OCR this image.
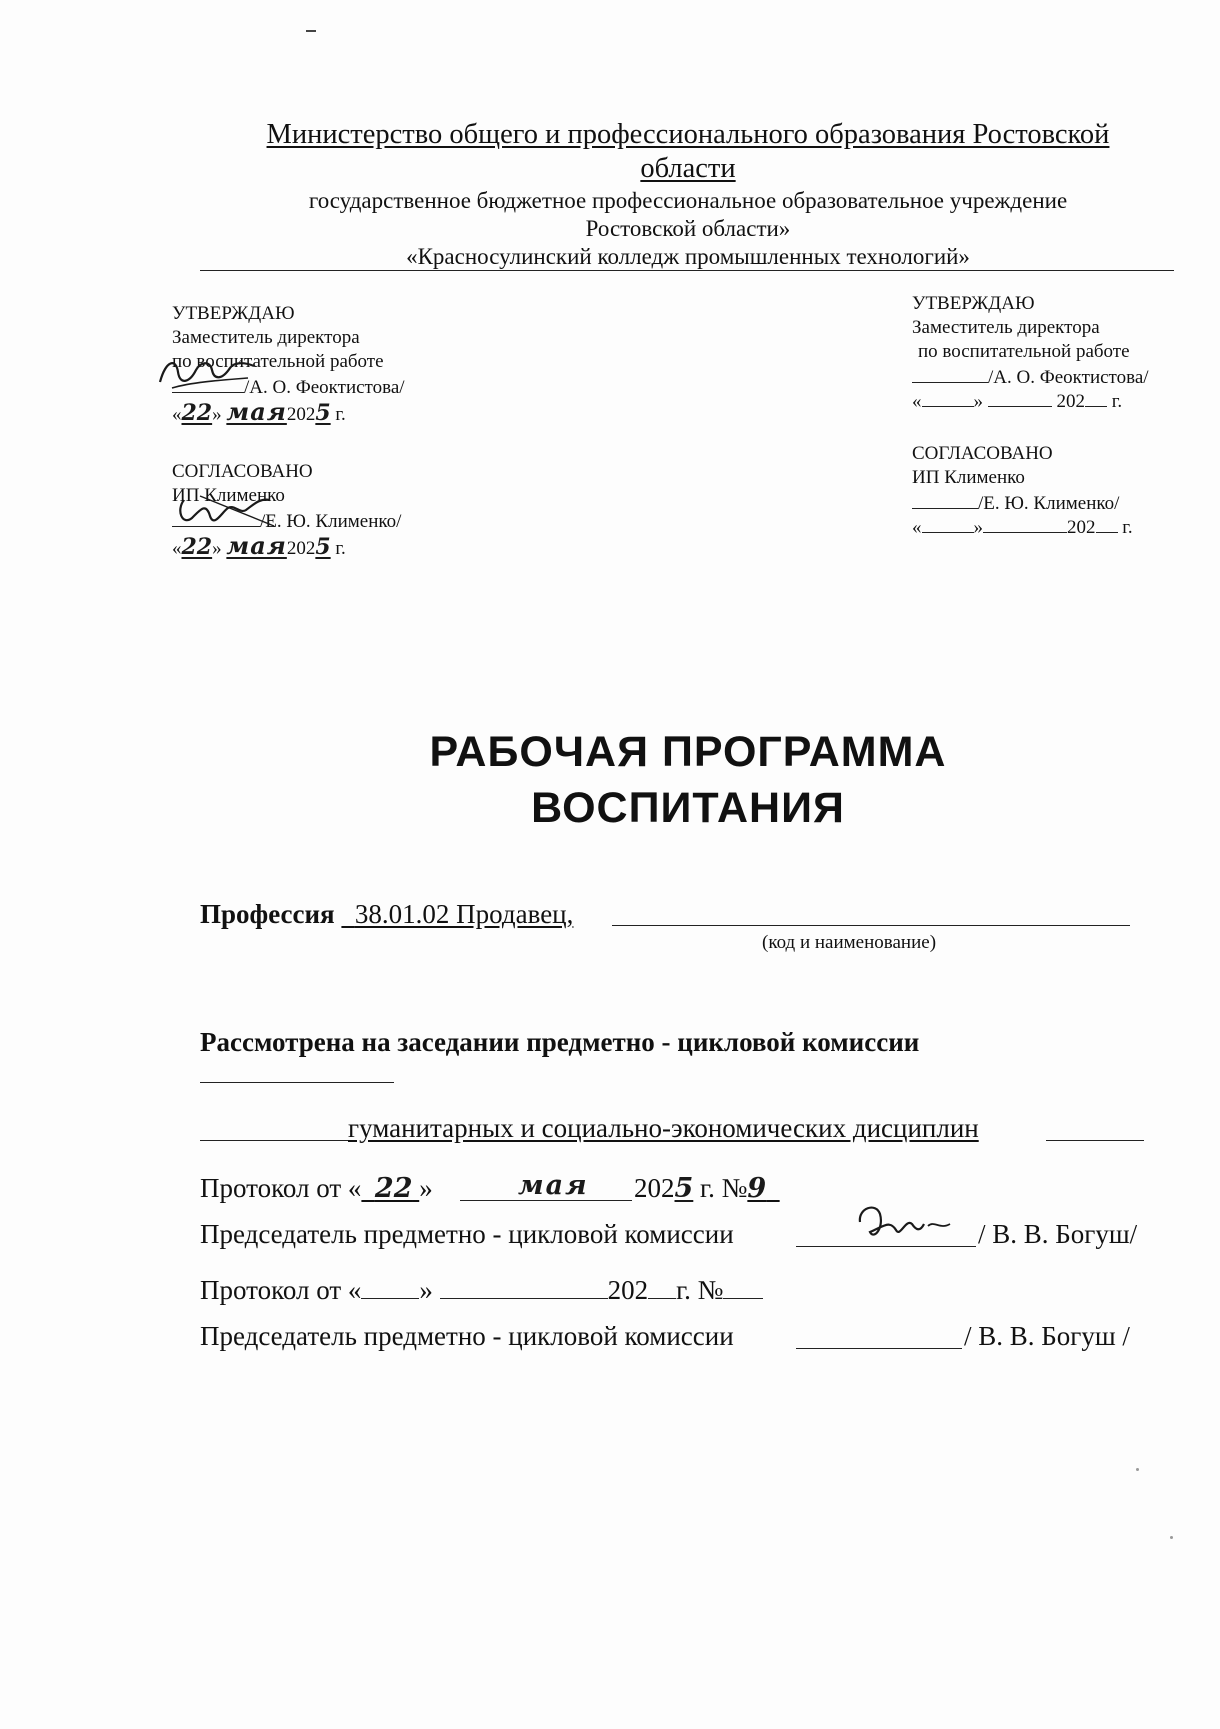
Министерство общего и профессионального образования Ростовской
области
государственное бюджетное профессиональное образовательное учреждение
Ростовской области»
«Красносулинский колледж промышленных технологий»
УТВЕРЖДАЮ
Заместитель директора
по воспитательной работе
/А. О. Феоктистова/
«22» мая2025 г.
СОГЛАСОВАНО
ИП Клименко
/Е. Ю. Клименко/
«22» мая2025 г.
УТВЕРЖДАЮ
Заместитель директора
по воспитательной работе
/А. О. Феоктистова/
«	»	202 г.
СОГЛАСОВАНО
ИП Клименко
/Е. Ю. Клименко/
«	»	202 г.
РАБОЧАЯ ПРОГРАММА
ВОСПИТАНИЯ
Профессия 38.01.02 Продавец,
(код и наименование)
Рассмотрена на заседании предметно - цикловой комиссии
гуманитарных и социально-экономических дисциплин
Протокол от « 22 »	мая 2025 г. №9
Председатель предметно - цикловой комиссии	/ В. В. Богуш/
Протокол от « »	202 г. №
Председатель предметно - цикловой комиссии	/ В. В. Богуш /
